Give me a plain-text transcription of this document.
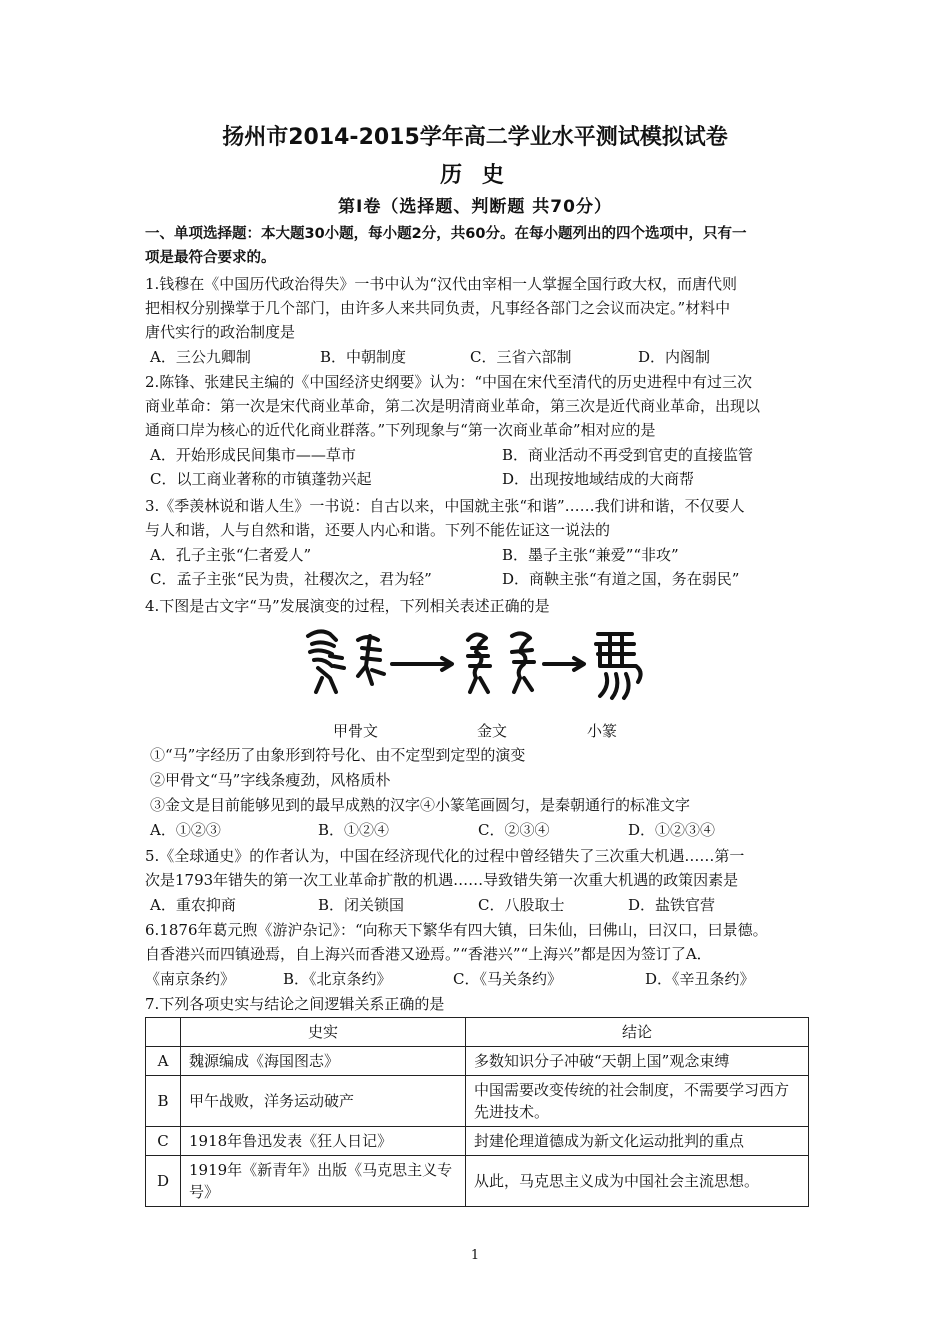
扬州市2014-2015学年高二学业水平测试模拟试卷
历 史
第Ⅰ卷（选择题、判断题 共70分）
一、单项选择题：本大题30小题，每小题2分，共60分。在每小题列出的四个选项中，只有一
项是最符合要求的。
1.钱穆在《中国历代政治得失》一书中认为“汉代由宰相一人掌握全国行政大权，而唐代则
把相权分别操掌于几个部门，由许多人来共同负责，凡事经各部门之会议而决定。”材料中
唐代实行的政治制度是
A．三公九卿制	B．中朝制度	C．三省六部制	D．内阁制
2.陈锋、张建民主编的《中国经济史纲要》认为：“中国在宋代至清代的历史进程中有过三次
商业革命：第一次是宋代商业革命，第二次是明清商业革命，第三次是近代商业革命，出现以
通商口岸为核心的近代化商业群落。”下列现象与“第一次商业革命”相对应的是
A．开始形成民间集市——草市	B．商业活动不再受到官吏的直接监管
C．以工商业著称的市镇蓬勃兴起	D．出现按地域结成的大商帮
3.《季羡林说和谐人生》一书说：自古以来，中国就主张“和谐”……我们讲和谐，不仅要人
与人和谐，人与自然和谐，还要人内心和谐。下列不能佐证这一说法的
A．孔子主张“仁者爱人”	B．墨子主张“兼爱”“非攻”
C．孟子主张“民为贵，社稷次之，君为轻”	D．商鞅主张“有道之国，务在弱民”
4.下图是古文字“马”发展演变的过程，下列相关表述正确的是
甲骨文	金文	小篆
①“马”字经历了由象形到符号化、由不定型到定型的演变
②甲骨文“马”字线条瘦劲，风格质朴
③金文是目前能够见到的最早成熟的汉字④小篆笔画圆匀，是秦朝通行的标准文字
A．①②③	B．①②④	C．②③④	D．①②③④
5.《全球通史》的作者认为，中国在经济现代化的过程中曾经错失了三次重大机遇……第一
次是1793年错失的第一次工业革命扩散的机遇……导致错失第一次重大机遇的政策因素是
A．重农抑商	B．闭关锁国	C．八股取士	D．盐铁官营
6.1876年葛元煦《游沪杂记》：“向称天下繁华有四大镇，曰朱仙，曰佛山，曰汉口，曰景德。
自香港兴而四镇逊焉，自上海兴而香港又逊焉。”“香港兴”“上海兴”都是因为签订了A．
《南京条约》	B．《北京条约》	C．《马关条约》	D．《辛丑条约》
7.下列各项史实与结论之间逻辑关系正确的是
	史实	结论
A	魏源编成《海国图志》	多数知识分子冲破“天朝上国”观念束缚
B	甲午战败，洋务运动破产	中国需要改变传统的社会制度，不需要学习西方先进技术。
C	1918年鲁迅发表《狂人日记》	封建伦理道德成为新文化运动批判的重点
D	1919年《新青年》出版《马克思主义专号》	从此，马克思主义成为中国社会主流思想。
1
